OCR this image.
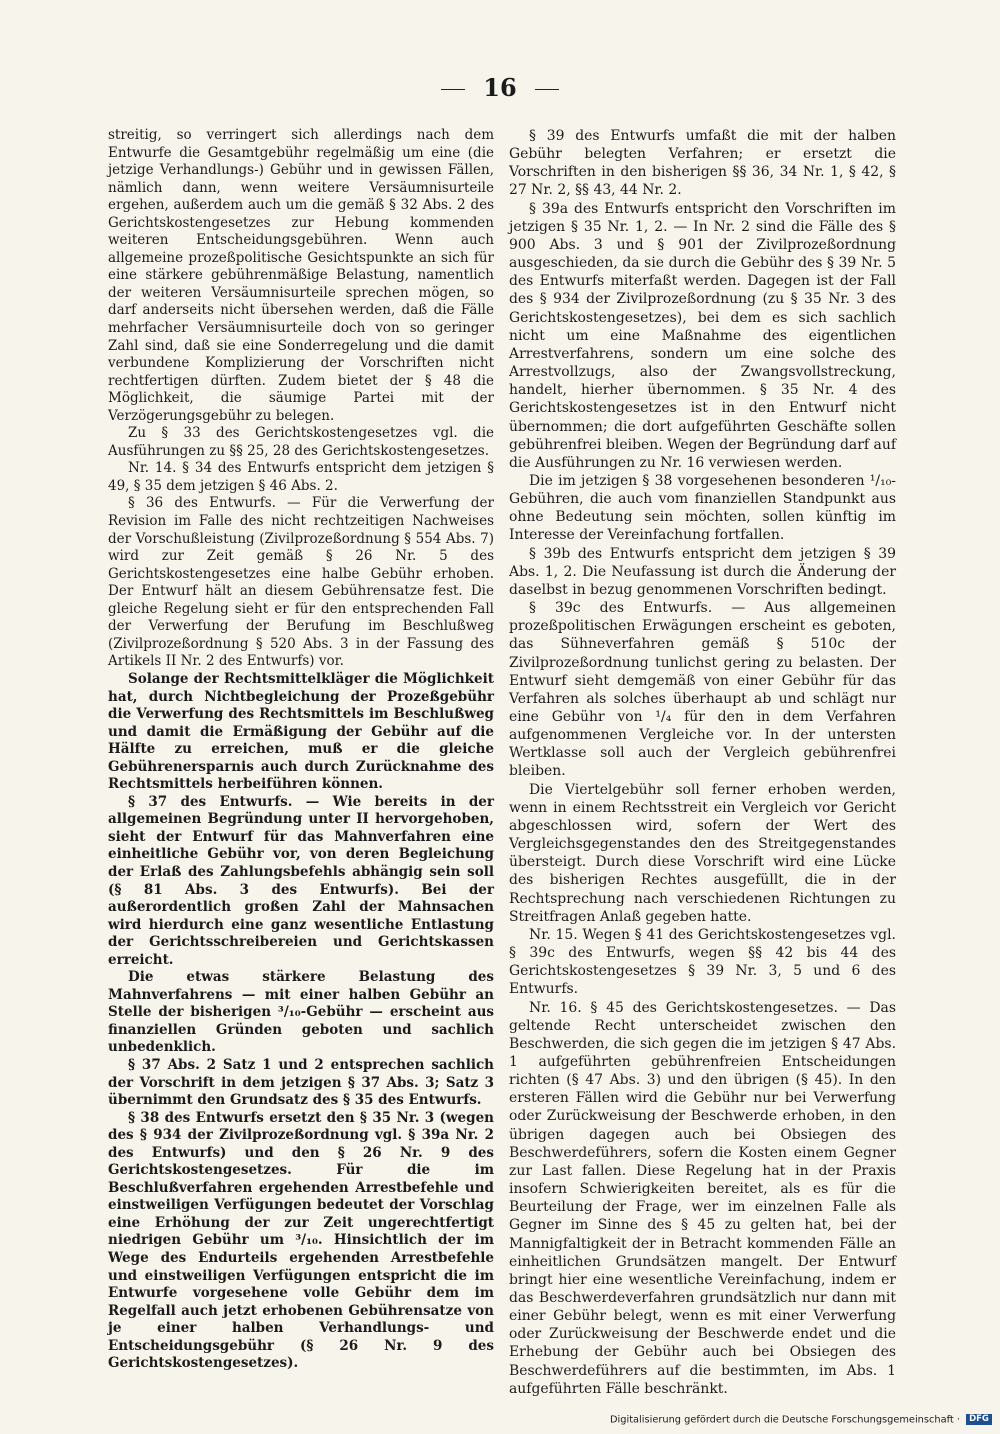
16

streitig, so verringert sich allerdings nach dem Entwurfe die Gesamtgebühr regelmäßig um eine (die jetzige Verhandlungs-) Gebühr und in gewissen Fällen, nämlich dann, wenn weitere Versäumnisurteile ergehen, außerdem auch um die gemäß § 32 Abs. 2 des Gerichtskostengesetzes zur Hebung kommenden weiteren Entscheidungsgebühren. Wenn auch allgemeine prozeßpolitische Gesichtspunkte an sich für eine stärkere gebührenmäßige Belastung, namentlich der weiteren Versäumnisurteile sprechen mögen, so darf anderseits nicht übersehen werden, daß die Fälle mehrfacher Versäumnisurteile doch von so geringer Zahl sind, daß sie eine Sonderregelung und die damit verbundene Komplizierung der Vorschriften nicht rechtfertigen dürften. Zudem bietet der § 48 die Möglichkeit, die säumige Partei mit der Verzögerungsgebühr zu belegen.

Zu § 33 des Gerichtskostengesetzes vgl. die Ausführungen zu §§ 25, 28 des Gerichtskostengesetzes.

Nr. 14. § 34 des Entwurfs entspricht dem jetzigen § 49, § 35 dem jetzigen § 46 Abs. 2.

§ 36 des Entwurfs. — Für die Verwerfung der Revision im Falle des nicht rechtzeitigen Nachweises der Vorschußleistung (Zivilprozeßordnung § 554 Abs. 7) wird zur Zeit gemäß § 26 Nr. 5 des Gerichtskostengesetzes eine halbe Gebühr erhoben. Der Entwurf hält an diesem Gebührensatze fest. Die gleiche Regelung sieht er für den entsprechenden Fall der Verwerfung der Berufung im Beschlußweg (Zivilprozeßordnung § 520 Abs. 3 in der Fassung des Artikels II Nr. 2 des Entwurfs) vor.

Solange der Rechtsmittelkläger die Möglichkeit hat, durch Nichtbegleichung der Prozeßgebühr die Verwerfung des Rechtsmittels im Beschlußweg und damit die Ermäßigung der Gebühr auf die Hälfte zu erreichen, muß er die gleiche Gebührenersparnis auch durch Zurücknahme des Rechtsmittels herbeiführen können.

§ 37 des Entwurfs. — Wie bereits in der allgemeinen Begründung unter II hervorgehoben, sieht der Entwurf für das Mahnverfahren eine einheitliche Gebühr vor, von deren Begleichung der Erlaß des Zahlungsbefehls abhängig sein soll (§ 81 Abs. 3 des Entwurfs). Bei der außerordentlich großen Zahl der Mahnsachen wird hierdurch eine ganz wesentliche Entlastung der Gerichtsschreibereien und Gerichtskassen erreicht.

Die etwas stärkere Belastung des Mahnverfahrens — mit einer halben Gebühr an Stelle der bisherigen ³/₁₀-Gebühr — erscheint aus finanziellen Gründen geboten und sachlich unbedenklich.

§ 37 Abs. 2 Satz 1 und 2 entsprechen sachlich der Vorschrift in dem jetzigen § 37 Abs. 3; Satz 3 übernimmt den Grundsatz des § 35 des Entwurfs.

§ 38 des Entwurfs ersetzt den § 35 Nr. 3 (wegen des § 934 der Zivilprozeßordnung vgl. § 39a Nr. 2 des Entwurfs) und den § 26 Nr. 9 des Gerichtskostengesetzes. Für die im Beschlußverfahren ergehenden Arrestbefehle und einstweiligen Verfügungen bedeutet der Vorschlag eine Erhöhung der zur Zeit ungerechtfertigt niedrigen Gebühr um ³/₁₀. Hinsichtlich der im Wege des Endurteils ergehenden Arrestbefehle und einstweiligen Verfügungen entspricht die im Entwurfe vorgesehene volle Gebühr dem im Regelfall auch jetzt erhobenen Gebührensatze von je einer halben Verhandlungs- und Entscheidungsgebühr (§ 26 Nr. 9 des Gerichtskostengesetzes).

§ 39 des Entwurfs umfaßt die mit der halben Gebühr belegten Verfahren; er ersetzt die Vorschriften in den bisherigen §§ 36, 34 Nr. 1, § 42, § 27 Nr. 2, §§ 43, 44 Nr. 2.

§ 39a des Entwurfs entspricht den Vorschriften im jetzigen § 35 Nr. 1, 2. — In Nr. 2 sind die Fälle des § 900 Abs. 3 und § 901 der Zivilprozeßordnung ausgeschieden, da sie durch die Gebühr des § 39 Nr. 5 des Entwurfs miterfaßt werden. Dagegen ist der Fall des § 934 der Zivilprozeßordnung (zu § 35 Nr. 3 des Gerichtskostengesetzes), bei dem es sich sachlich nicht um eine Maßnahme des eigentlichen Arrestverfahrens, sondern um eine solche des Arrestvollzugs, also der Zwangsvollstreckung, handelt, hierher übernommen. § 35 Nr. 4 des Gerichtskostengesetzes ist in den Entwurf nicht übernommen; die dort aufgeführten Geschäfte sollen gebührenfrei bleiben. Wegen der Begründung darf auf die Ausführungen zu Nr. 16 verwiesen werden.

Die im jetzigen § 38 vorgesehenen besonderen ¹/₁₀-Gebühren, die auch vom finanziellen Standpunkt aus ohne Bedeutung sein möchten, sollen künftig im Interesse der Vereinfachung fortfallen.

§ 39b des Entwurfs entspricht dem jetzigen § 39 Abs. 1, 2. Die Neufassung ist durch die Änderung der daselbst in bezug genommenen Vorschriften bedingt.

§ 39c des Entwurfs. — Aus allgemeinen prozeßpolitischen Erwägungen erscheint es geboten, das Sühneverfahren gemäß § 510c der Zivilprozeßordnung tunlichst gering zu belasten. Der Entwurf sieht demgemäß von einer Gebühr für das Verfahren als solches überhaupt ab und schlägt nur eine Gebühr von ¹/₄ für den in dem Verfahren aufgenommenen Vergleiche vor. In der untersten Wertklasse soll auch der Vergleich gebührenfrei bleiben.

Die Viertelgebühr soll ferner erhoben werden, wenn in einem Rechtsstreit ein Vergleich vor Gericht abgeschlossen wird, sofern der Wert des Vergleichsgegenstandes den des Streitgegenstandes übersteigt. Durch diese Vorschrift wird eine Lücke des bisherigen Rechtes ausgefüllt, die in der Rechtsprechung nach verschiedenen Richtungen zu Streitfragen Anlaß gegeben hatte.

Nr. 15. Wegen § 41 des Gerichtskostengesetzes vgl. § 39c des Entwurfs, wegen §§ 42 bis 44 des Gerichtskostengesetzes § 39 Nr. 3, 5 und 6 des Entwurfs.

Nr. 16. § 45 des Gerichtskostengesetzes. — Das geltende Recht unterscheidet zwischen den Beschwerden, die sich gegen die im jetzigen § 47 Abs. 1 aufgeführten gebührenfreien Entscheidungen richten (§ 47 Abs. 3) und den übrigen (§ 45). In den ersteren Fällen wird die Gebühr nur bei Verwerfung oder Zurückweisung der Beschwerde erhoben, in den übrigen dagegen auch bei Obsiegen des Beschwerdeführers, sofern die Kosten einem Gegner zur Last fallen. Diese Regelung hat in der Praxis insofern Schwierigkeiten bereitet, als es für die Beurteilung der Frage, wer im einzelnen Falle als Gegner im Sinne des § 45 zu gelten hat, bei der Mannigfaltigkeit der in Betracht kommenden Fälle an einheitlichen Grundsätzen mangelt. Der Entwurf bringt hier eine wesentliche Vereinfachung, indem er das Beschwerdeverfahren grundsätzlich nur dann mit einer Gebühr belegt, wenn es mit einer Verwerfung oder Zurückweisung der Beschwerde endet und die Erhebung der Gebühr auch bei Obsiegen des Beschwerdeführers auf die bestimmten, im Abs. 1 aufgeführten Fälle beschränkt.

Digitalisierung gefördert durch die Deutsche Forschungsgemeinschaft · DFG
